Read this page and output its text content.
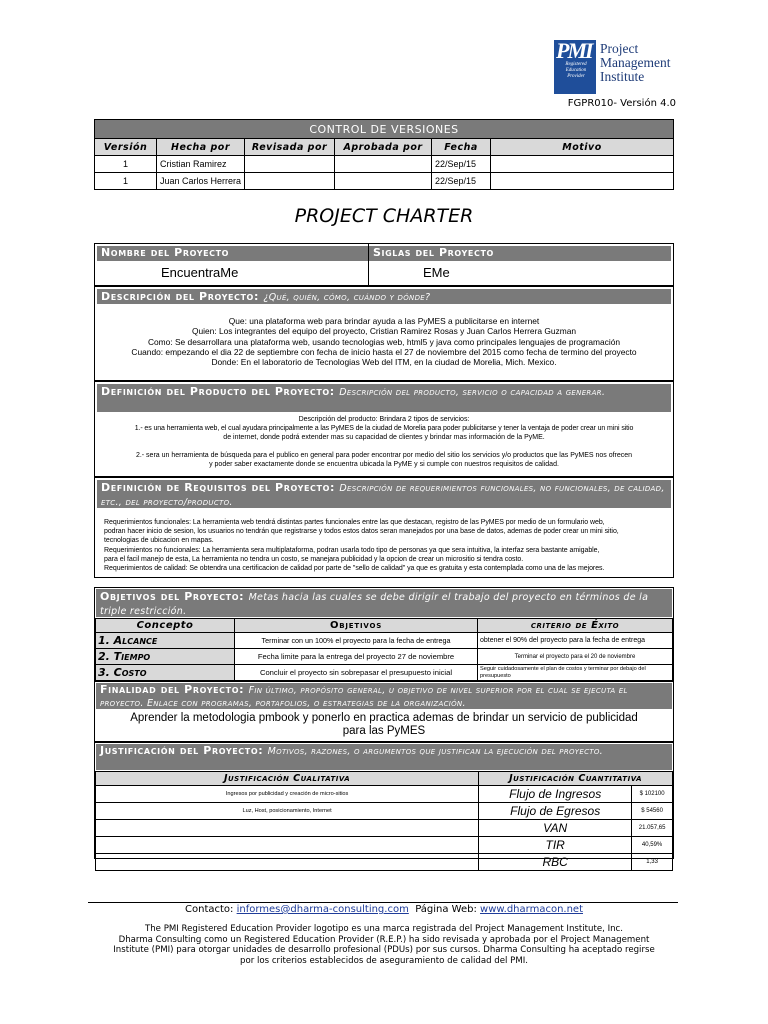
PMI
Registered Education Provider
Project
Management
Institute
FGPR010- Versión 4.0
CONTROL DE VERSIONES					
Versión	Hecha por	Revisada por	Aprobada por	Fecha	Motivo
1	Cristian Ramirez			22/Sep/15	
1	Juan Carlos Herrera			22/Sep/15	
PROJECT CHARTER
Nombre del Proyecto	Siglas del Proyecto
EncuentraMe	EMe
Descripción del Proyecto: ¿Qué, quién, cómo, cuándo y dónde?
Que: una plataforma web para brindar ayuda a las PyMES a publicitarse en internet
Quien: Los integrantes del equipo del proyecto, Cristian Ramirez Rosas y Juan Carlos Herrera Guzman
Como: Se desarrollara una plataforma web, usando tecnologias web, html5 y java como principales lenguajes de programación
Cuando: empezando el dia 22 de septiembre con fecha de inicio hasta el 27 de noviembre del 2015 como fecha de termino del proyecto
Donde: En el laboratorio de Tecnologias Web del ITM, en la ciudad de Morelia, Mich. Mexico.
Definición del Producto del Proyecto: Descripción del producto, servicio o capacidad a generar.
Descripción del producto: Brindara 2 tipos de servicios:
1.- es una herramienta web, el cual ayudara principalmente a las PyMES de la ciudad de Morelia para poder publicitarse y tener la ventaja de poder crear un mini sitio
de internet, donde podrá extender mas su capacidad de clientes y brindar mas información de la PyME.
2.- sera un herramienta de búsqueda para el publico en general para poder encontrar por medio del sitio los servicios y/o productos que las PyMES nos ofrecen
y poder saber exactamente donde se encuentra ubicada la PyME y si cumple con nuestros requisitos de calidad.
Definición de Requisitos del Proyecto: Descripción de requerimientos funcionales, no funcionales, de calidad, etc., del proyecto/producto.
Requerimientos funcionales: La herramienta web tendrá distintas partes funcionales entre las que destacan, registro de las PyMES por medio de un formulario web,
podran hacer inicio de sesion, los usuarios no tendrán que registrarse y todos estos datos seran manejados por una base de datos, ademas de poder crear un mini sitio,
tecnologias de ubicacion en mapas.
Requerimientos no funcionales: La herramienta sera multiplataforma, podran usarla todo tipo de personas ya que sera intuitiva, la interfaz sera bastante amigable,
para el facil manejo de esta, La herramienta no tendra un costo, se manejara publicidad y la opcion de crear un micrositio si tendra costo.
Requerimientos de calidad: Se obtendra una certificacion de calidad por parte de "sello de calidad" ya que es gratuita y esta contemplada como una de las mejores.
Objetivos del Proyecto: Metas hacia las cuales se debe dirigir el trabajo del proyecto en términos de la triple restricción.
Concepto	Objetivos	criterio de Éxito
1. Alcance	Terminar con un 100% el proyecto para la fecha de entrega	obtener el 90% del proyecto para la fecha de entrega
2. Tiempo	Fecha limite para la entrega del proyecto 27 de noviembre	Terminar el proyecto para el 20 de noviembre
3. Costo	Concluir el proyecto sin sobrepasar el presupuesto inicial	Seguir cuidadosamente el plan de costos y terminar por debajo del presupuesto
Finalidad del Proyecto: Fin último, propósito general, u objetivo de nivel superior por el cual se ejecuta el proyecto. Enlace con programas, portafolios, o estrategias de la organización.
Aprender la metodologia pmbook y ponerlo en practica ademas de brindar un servicio de publicidad
para las PyMES
Justificación del Proyecto: Motivos, razones, o argumentos que justifican la ejecución del proyecto.
Justificación Cualitativa	Justificación Cuantitativa	
Ingresos por publicidad y creación de micro-sitios	Flujo de Ingresos	$ 102100
Luz, Host, posicionamiento, Internet	Flujo de Egresos	$ 54560
	VAN	21.057,65
	TIR	40,59%
	RBC	1,33
Contacto: informes@dharma-consulting.com Página Web: www.dharmacon.net
The PMI Registered Education Provider logotipo es una marca registrada del Project Management Institute, Inc.
Dharma Consulting como un Registered Education Provider (R.E.P.) ha sido revisada y aprobada por el Project Management
Institute (PMI) para otorgar unidades de desarrollo profesional (PDUs) por sus cursos. Dharma Consulting ha aceptado regirse
por los criterios establecidos de aseguramiento de calidad del PMI.
